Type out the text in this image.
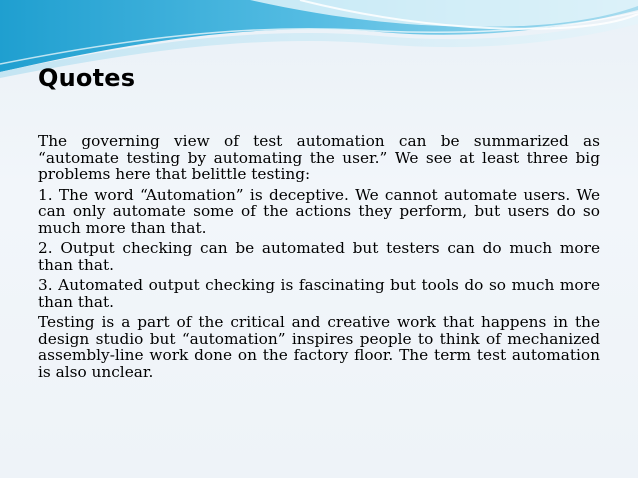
Quotes

The governing view of test automation can be summarized as “automate testing by automating the user.” We see at least three big problems here that belittle testing:

1. The word “Automation” is deceptive. We cannot automate users. We can only automate some of the actions they perform, but users do so much more than that.

2. Output checking can be automated but testers can do much more than that.

3. Automated output checking is fascinating but tools do so much more than that.

Testing is a part of the critical and creative work that happens in the design studio but “automation” inspires people to think of mechanized assembly-line work done on the factory floor. The term test automation is also unclear.
